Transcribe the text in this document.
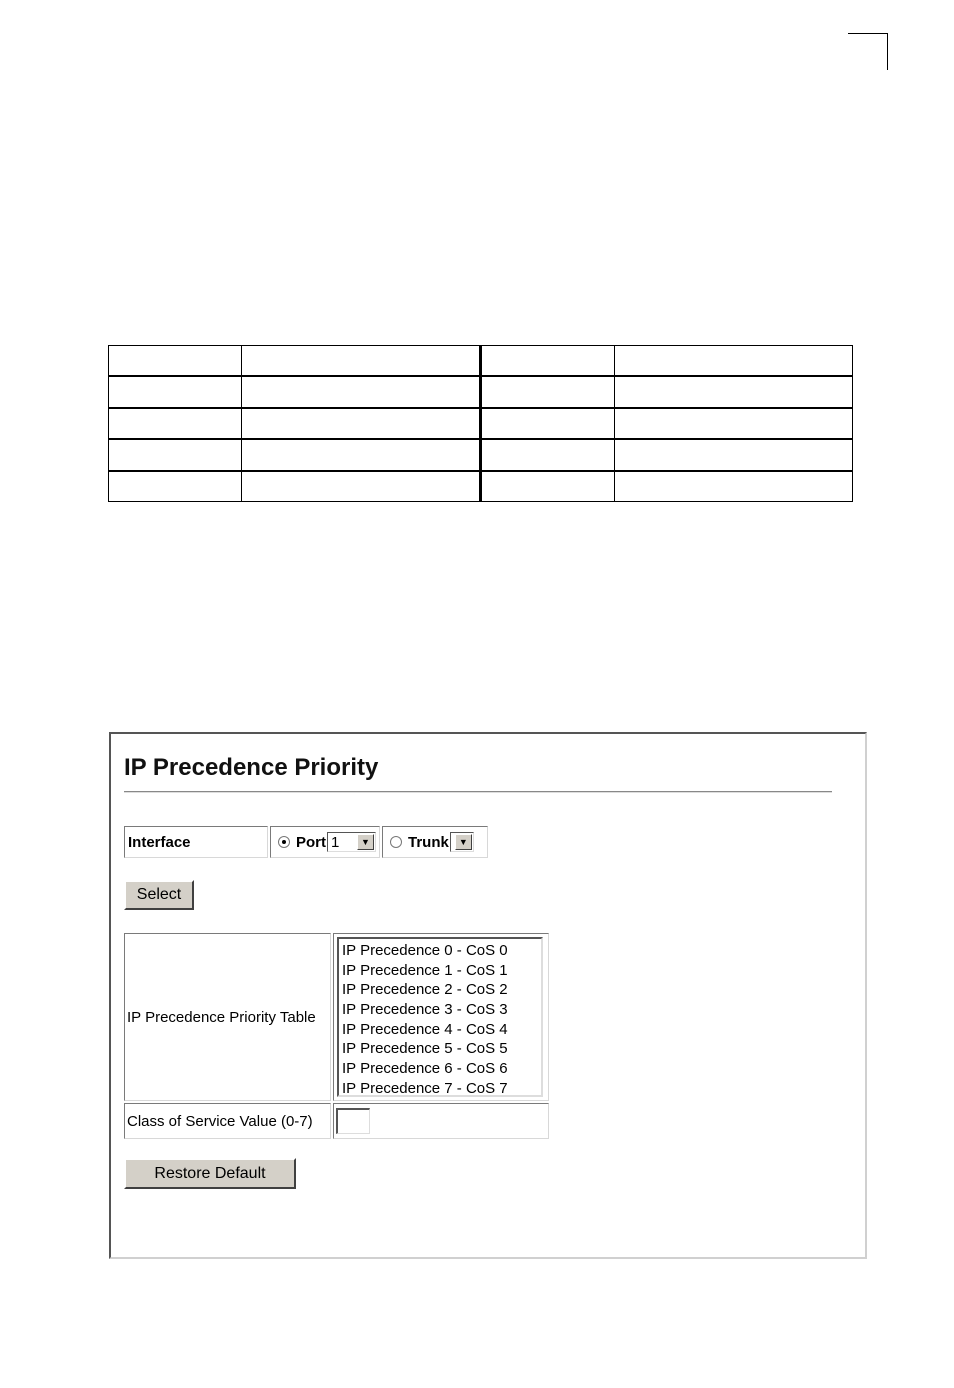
IP Precedence Priority
Interface	Port 1	▼	Trunk	▼
Select
IP Precedence Priority Table
IP Precedence 0 - CoS 0
IP Precedence 1 - CoS 1
IP Precedence 2 - CoS 2
IP Precedence 3 - CoS 3
IP Precedence 4 - CoS 4
IP Precedence 5 - CoS 5
IP Precedence 6 - CoS 6
IP Precedence 7 - CoS 7
Class of Service Value (0-7)
Restore Default
